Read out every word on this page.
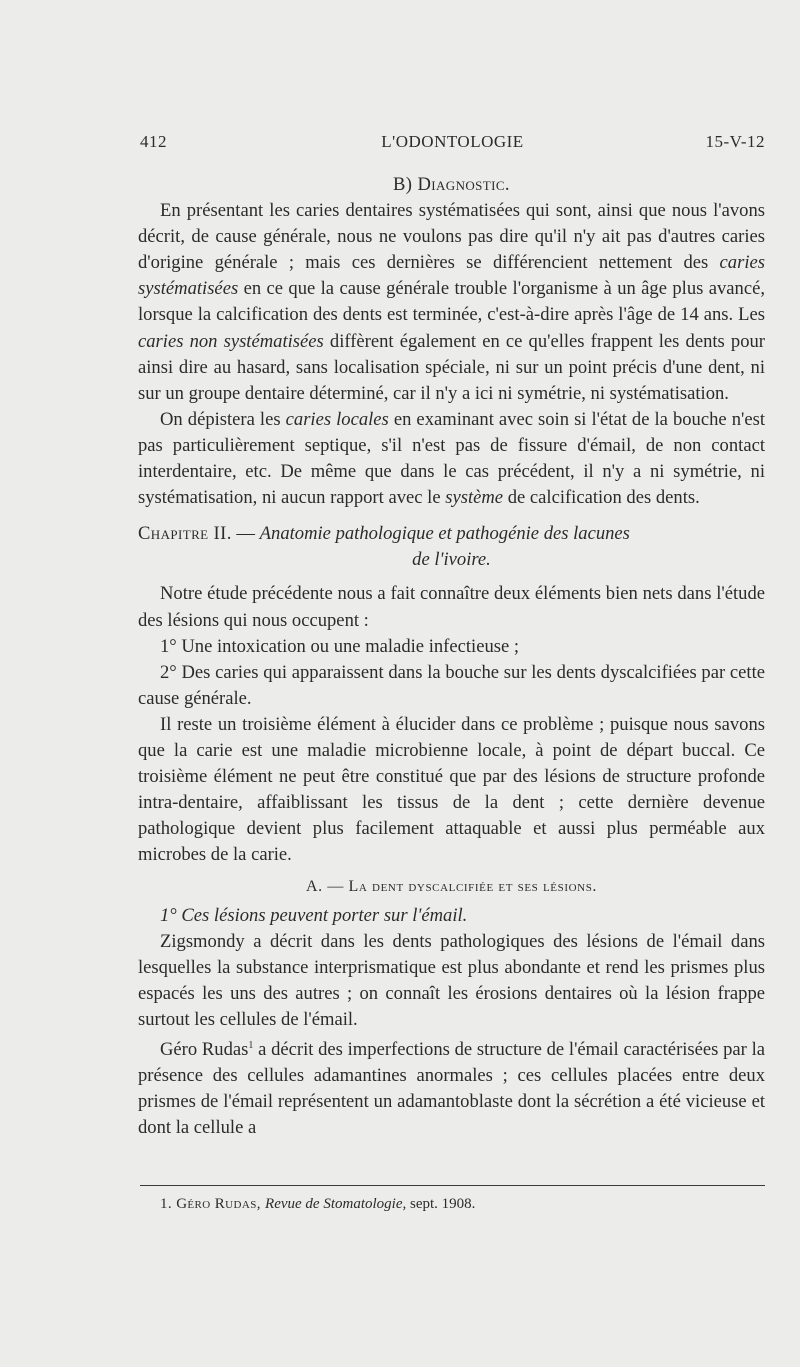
412	L'ODONTOLOGIE	15-V-12

B) Diagnostic.

En présentant les caries dentaires systématisées qui sont, ainsi que nous l'avons décrit, de cause générale, nous ne voulons pas dire qu'il n'y ait pas d'autres caries d'origine générale ; mais ces dernières se différencient nettement des caries systématisées en ce que la cause générale trouble l'organisme à un âge plus avancé, lorsque la calcification des dents est terminée, c'est-à-dire après l'âge de 14 ans. Les caries non systématisées diffèrent également en ce qu'elles frappent les dents pour ainsi dire au hasard, sans localisation spéciale, ni sur un point précis d'une dent, ni sur un groupe dentaire déterminé, car il n'y a ici ni symétrie, ni systématisation.

On dépistera les caries locales en examinant avec soin si l'état de la bouche n'est pas particulièrement septique, s'il n'est pas de fissure d'émail, de non contact interdentaire, etc. De même que dans le cas précédent, il n'y a ni symétrie, ni systématisation, ni aucun rapport avec le système de calcification des dents.

Chapitre II. — Anatomie pathologique et pathogénie des lacunes
de l'ivoire.

Notre étude précédente nous a fait connaître deux éléments bien nets dans l'étude des lésions qui nous occupent :

1° Une intoxication ou une maladie infectieuse ;

2° Des caries qui apparaissent dans la bouche sur les dents dyscalcifiées par cette cause générale.

Il reste un troisième élément à élucider dans ce problème ; puisque nous savons que la carie est une maladie microbienne locale, à point de départ buccal. Ce troisième élément ne peut être constitué que par des lésions de structure profonde intra-dentaire, affaiblissant les tissus de la dent ; cette dernière devenue pathologique devient plus facilement attaquable et aussi plus perméable aux microbes de la carie.

A. — La dent dyscalcifiée et ses lésions.

1° Ces lésions peuvent porter sur l'émail.

Zigsmondy a décrit dans les dents pathologiques des lésions de l'émail dans lesquelles la substance interprismatique est plus abondante et rend les prismes plus espacés les uns des autres ; on connaît les érosions dentaires où la lésion frappe surtout les cellules de l'émail.

Géro Rudas$^1$ a décrit des imperfections de structure de l'émail caractérisées par la présence des cellules adamantines anormales ; ces cellules placées entre deux prismes de l'émail représentent un adamantoblaste dont la sécrétion a été vicieuse et dont la cellule a

1. Géro Rudas, Revue de Stomatologie, sept. 1908.
